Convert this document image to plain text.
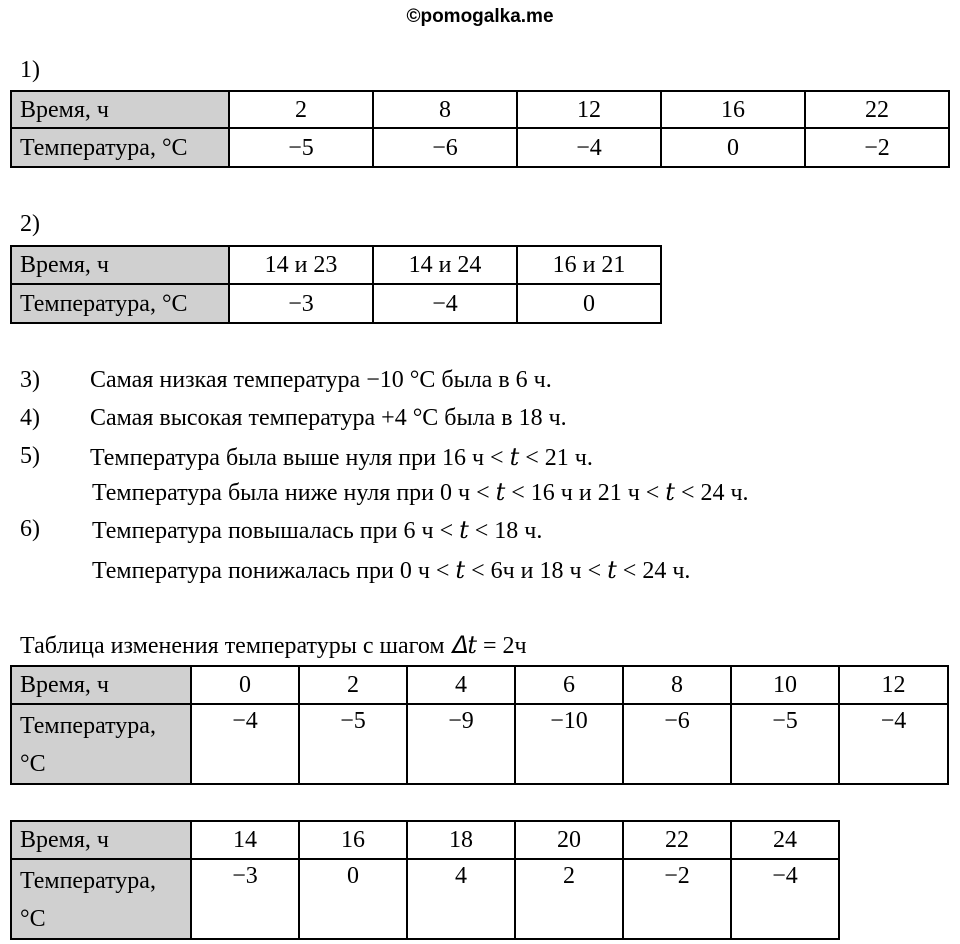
©pomogalka.me
1)
Время, ч	2	8	12	16	22
Температура, °С	−5	−6	−4	0	−2
2)
Время, ч	14 и 23	14 и 24	16 и 21
Температура, °С	−3	−4	0
3) Самая низкая температура −10 °С была в 6 ч.
4) Самая высокая температура +4 °С была в 18 ч.
5) Температура была выше нуля при 16 ч < 𝑡 < 21 ч.
Температура была ниже нуля при 0 ч < 𝑡 < 16 ч и 21 ч < 𝑡 < 24 ч.
6) Температура повышалась при 6 ч < 𝑡 < 18 ч.
Температура понижалась при 0 ч < 𝑡 < 6ч и 18 ч < 𝑡 < 24 ч.
Таблица изменения температуры с шагом 𝛥𝑡 = 2ч
Время, ч	0	2	4	6	8	10	12
Температура,
°С	−4	−5	−9	−10	−6	−5	−4
Время, ч	14	16	18	20	22	24
Температура,
°С	−3	0	4	2	−2	−4
